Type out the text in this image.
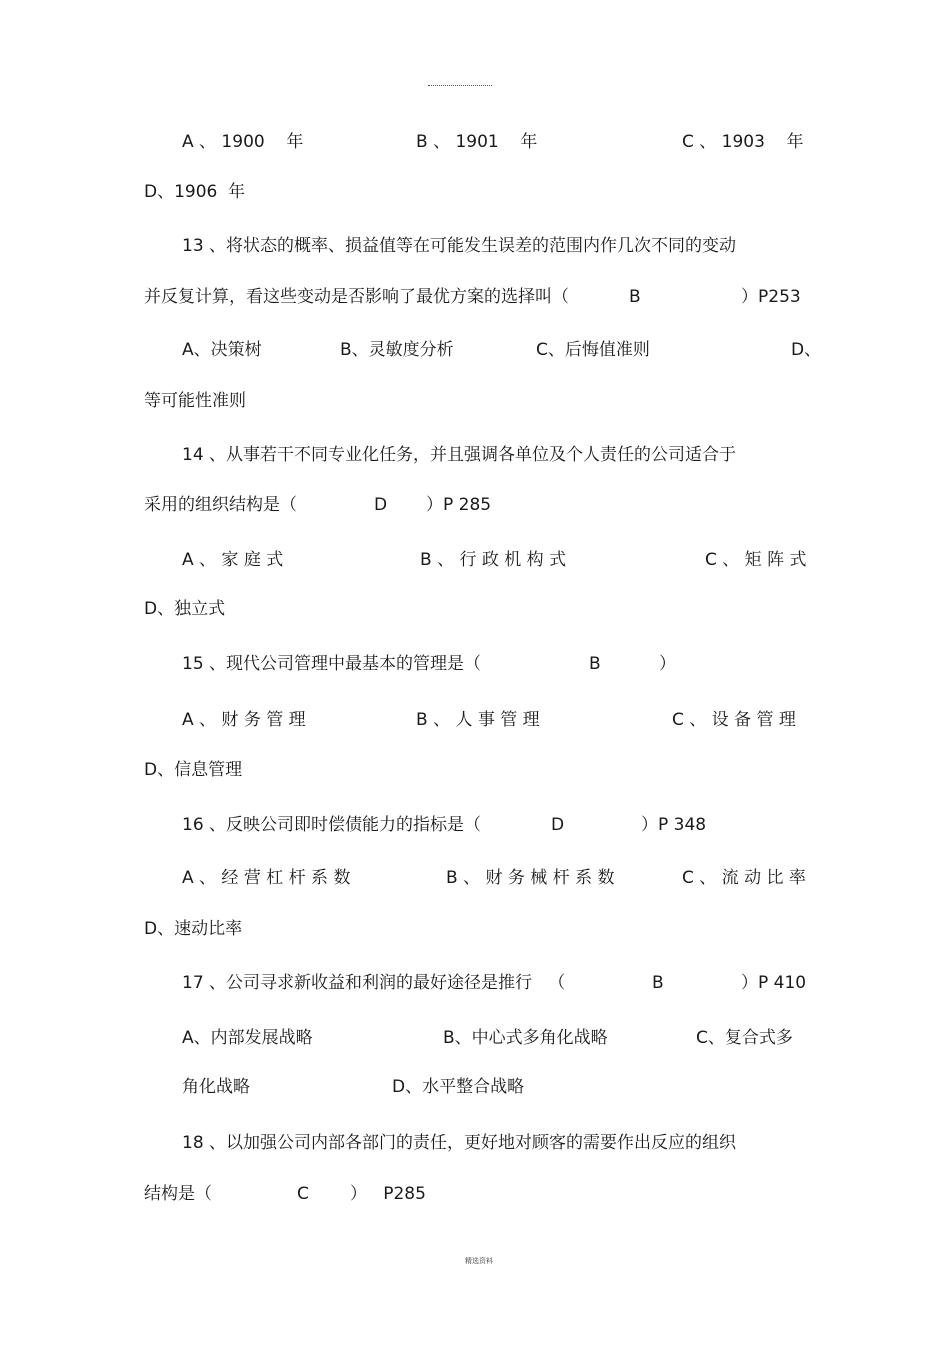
A 、 1900    年	B 、 1901    年	C 、 1903    年
D、1906  年
13 、将状态的概率、损益值等在可能发生误差的范围内作几次不同的变动
并反复计算，看这些变动是否影响了最优方案的选择叫（	B	）P253
A、决策树	B、灵敏度分析	C、后悔值准则	D、
等可能性准则
14 、从事若干不同专业化任务，并且强调各单位及个人责任的公司适合于
采用的组织结构是（	D ）P 285
A 、 家 庭 式	B 、 行 政 机 构 式	C 、 矩 阵 式
D、独立式
15 、现代公司管理中最基本的管理是（	B	）
A 、 财 务 管 理	B 、 人 事 管 理	C 、 设 备 管 理
D、信息管理
16 、反映公司即时偿债能力的指标是（	D	）P 348
A 、 经 营 杠 杆 系 数	B 、 财 务 械 杆 系 数	C 、 流 动 比 率
D、速动比率
17 、公司寻求新收益和利润的最好途径是推行   （	B	）P 410
A、内部发展战略	B、中心式多角化战略	C、复合式多
角化战略	D、水平整合战略
18 、以加强公司内部各部门的责任，更好地对顾客的需要作出反应的组织
结构是（	C ）   P285
精选资料
